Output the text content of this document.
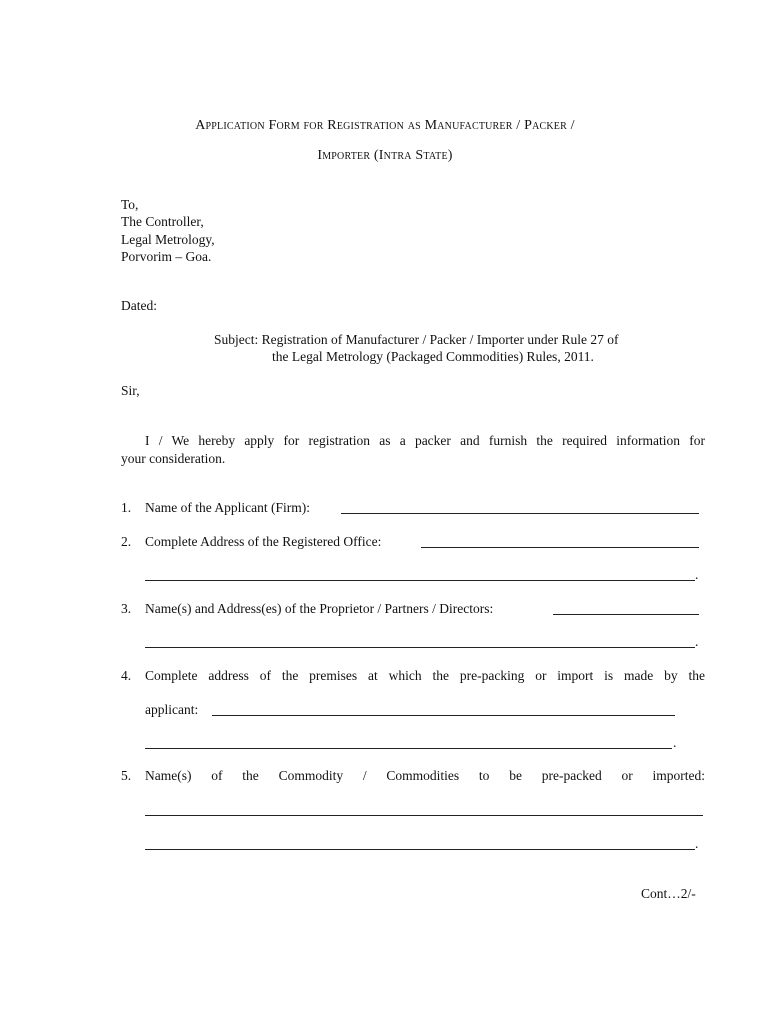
Application Form for Registration as Manufacturer / Packer /
Importer (Intra State)
To,
The Controller,
Legal Metrology,
Porvorim – Goa.
Dated:
Subject: Registration of Manufacturer / Packer / Importer under Rule 27 of
the Legal Metrology (Packaged Commodities) Rules, 2011.
Sir,
I / We hereby apply for registration as a packer and furnish the required information for
your consideration.
1. Name of the Applicant (Firm):
2. Complete Address of the Registered Office:
.
3. Name(s) and Address(es) of the Proprietor / Partners / Directors:
.
4. Complete address of the premises at which the pre-packing or import is made by the
applicant:
.
5. Name(s) of the Commodity / Commodities to be pre-packed or imported:
.
Cont…2/-
